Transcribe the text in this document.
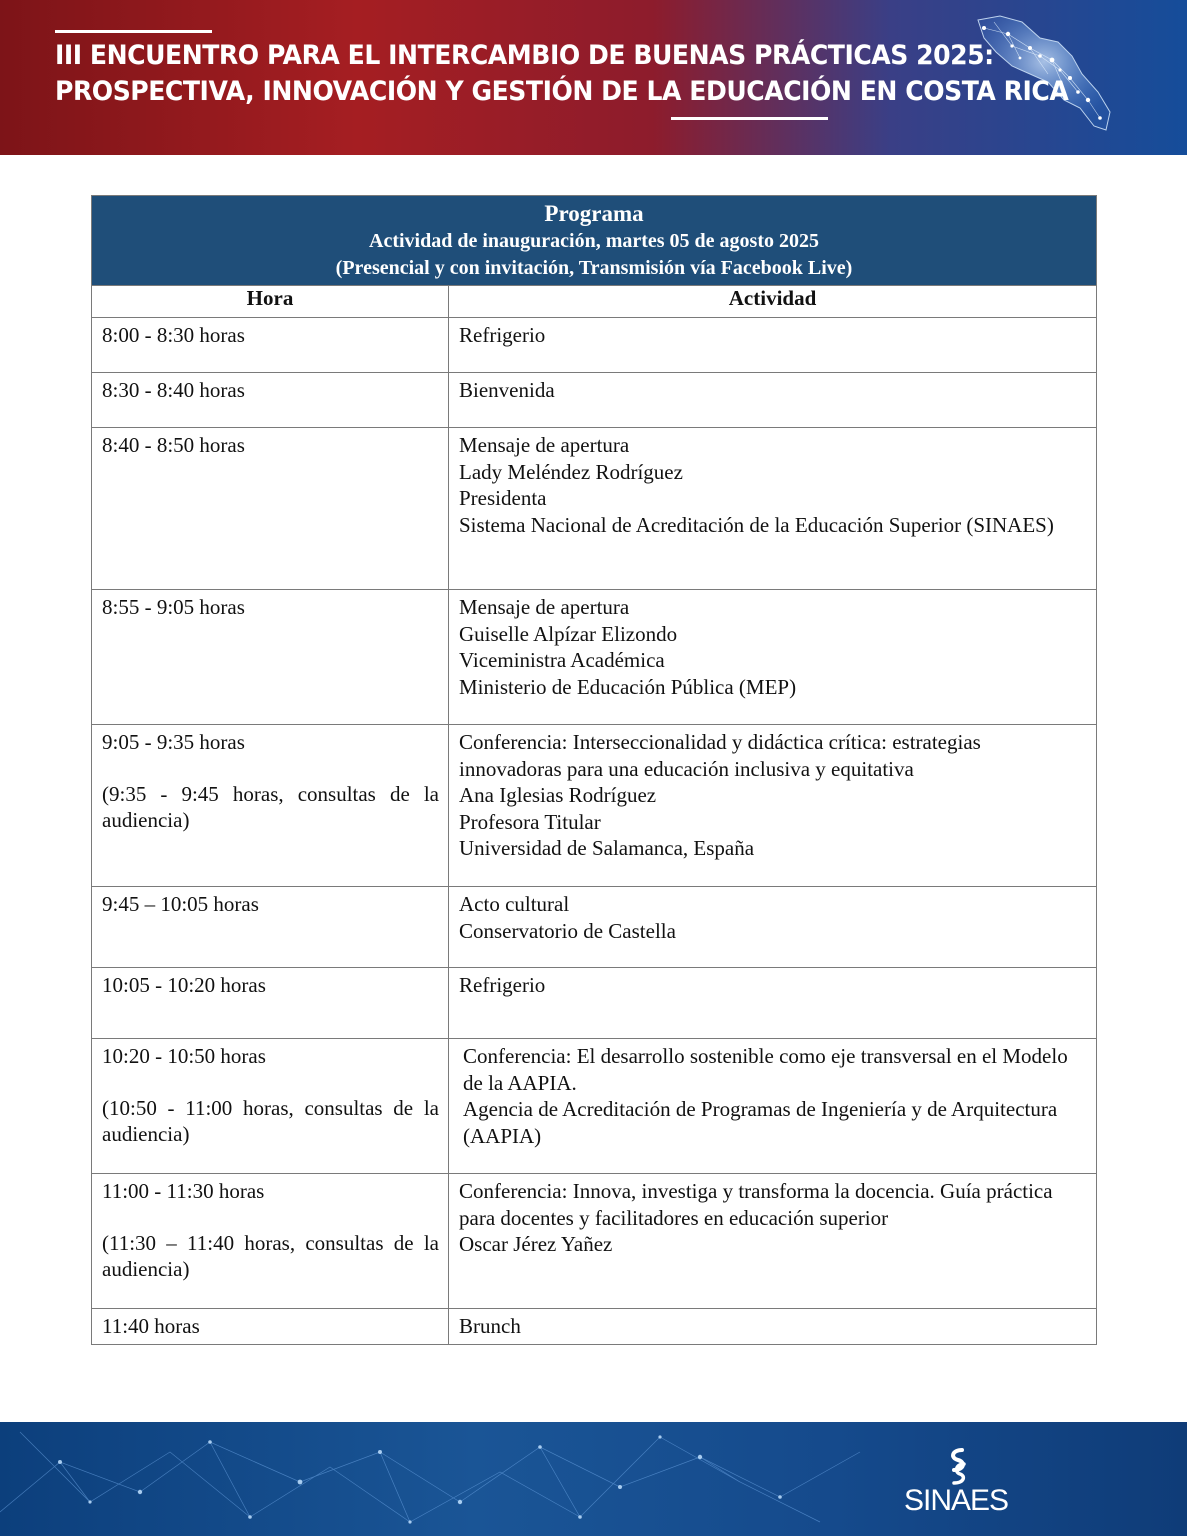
III ENCUENTRO PARA EL INTERCAMBIO DE BUENAS PRÁCTICAS 2025:
PROSPECTIVA, INNOVACIÓN Y GESTIÓN DE LA EDUCACIÓN EN COSTA RICA
Programa
Actividad de inauguración, martes 05 de agosto 2025
(Presencial y con invitación, Transmisión vía Facebook Live)	

Hora	Actividad
8:00 - 8:30 horas	Refrigerio

8:30 - 8:40 horas	Bienvenida

8:40 - 8:50 horas	Mensaje de apertura
Lady Meléndez Rodríguez
Presidenta
Sistema Nacional de Acreditación de la Educación Superior (SINAES)

8:55 - 9:05 horas	Mensaje de apertura
Guiselle Alpízar Elizondo
Viceministra Académica
Ministerio de Educación Pública (MEP)

9:05 - 9:35 horas
(9:35 - 9:45 horas, consultas de la audiencia)	Conferencia: Interseccionalidad y didáctica crítica: estrategias innovadoras para una educación inclusiva y equitativa
Ana Iglesias Rodríguez
Profesora Titular
Universidad de Salamanca, España

9:45 – 10:05 horas	Acto cultural
Conservatorio de Castella

10:05 - 10:20 horas	Refrigerio

10:20 - 10:50 horas
(10:50 - 11:00 horas, consultas de la audiencia)	Conferencia: El desarrollo sostenible como eje transversal en el Modelo de la AAPIA.
Agencia de Acreditación de Programas de Ingeniería y de Arquitectura (AAPIA)

11:00 - 11:30 horas
(11:30 – 11:40 horas, consultas de la audiencia)	Conferencia: Innova, investiga y transforma la docencia. Guía práctica para docentes y facilitadores en educación superior
Oscar Jérez Yañez

11:40 horas	Brunch
SINAES
